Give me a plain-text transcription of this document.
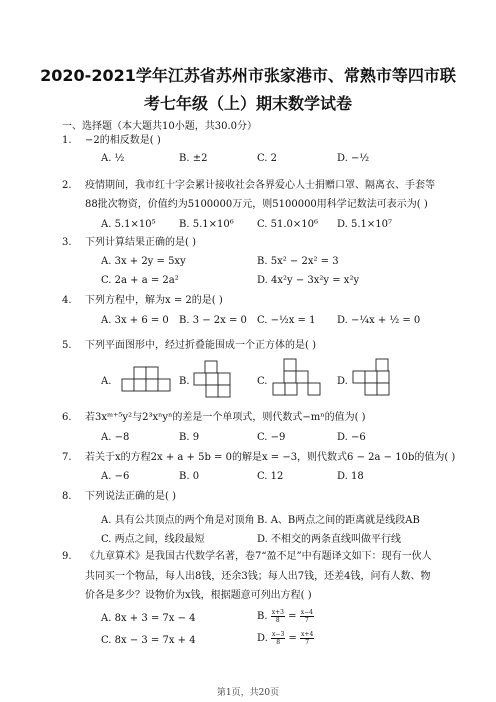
2020-2021学年江苏省苏州市张家港市、常熟市等四市联
考七年级（上）期末数学试卷
一、选择题（本大题共10小题，共30.0分）
1. −2的相反数是( )
A. ½	B. ±2	C. 2	D. −½
2. 疫情期间，我市红十字会累计接收社会各界爱心人士捐赠口罩、隔离衣、手套等
88批次物资，价值约为5100000万元，则5100000用科学记数法可表示为( )
A. 5.1×10⁵ B. 5.1×10⁶ C. 51.0×10⁶ D. 5.1×10⁷
3. 下列计算结果正确的是( )
A. 3x + 2y = 5xy	B. 5x² − 2x² = 3
C. 2a + a = 2a²	D. 4x²y − 3x²y = x²y
4. 下列方程中，解为x = 2的是( )
A. 3x + 6 = 0 B. 3 − 2x = 0 C. −½x = 1 D. −¼x + ½ = 0
5. 下列平面图形中，经过折叠能围成一个正方体的是( )
A.	B.	C.	D.
6. 若3xᵐ⁺⁵y²与2³xⁿyⁿ的差是一个单项式，则代数式−mⁿ的值为( )
A. −8	B. 9	C. −9	D. −6
7. 若关于x的方程2x + a + 5b = 0的解是x = −3，则代数式6 − 2a − 10b的值为( )
A. −6	B. 0	C. 12	D. 18
8. 下列说法正确的是( )
A. 具有公共顶点的两个角是对顶角 B. A、B两点之间的距离就是线段AB
C. 两点之间，线段最短	D. 不相交的两条直线叫做平行线
9. 《九章算术》是我国古代数学名著，卷7“盈不足”中有题译文如下：现有一伙人
共同买一个物品，每人出8钱，还余3钱；每人出7钱，还差4钱，问有人数、物
价各是多少？设物价为x钱，根据题意可列出方程( )
A. 8x + 3 = 7x − 4	B. $\frac{x+3}{8} = \frac{x-4}{7}$
C. 8x − 3 = 7x + 4	D. $\frac{x-3}{8} = \frac{x+4}{7}$
第1页，共20页
